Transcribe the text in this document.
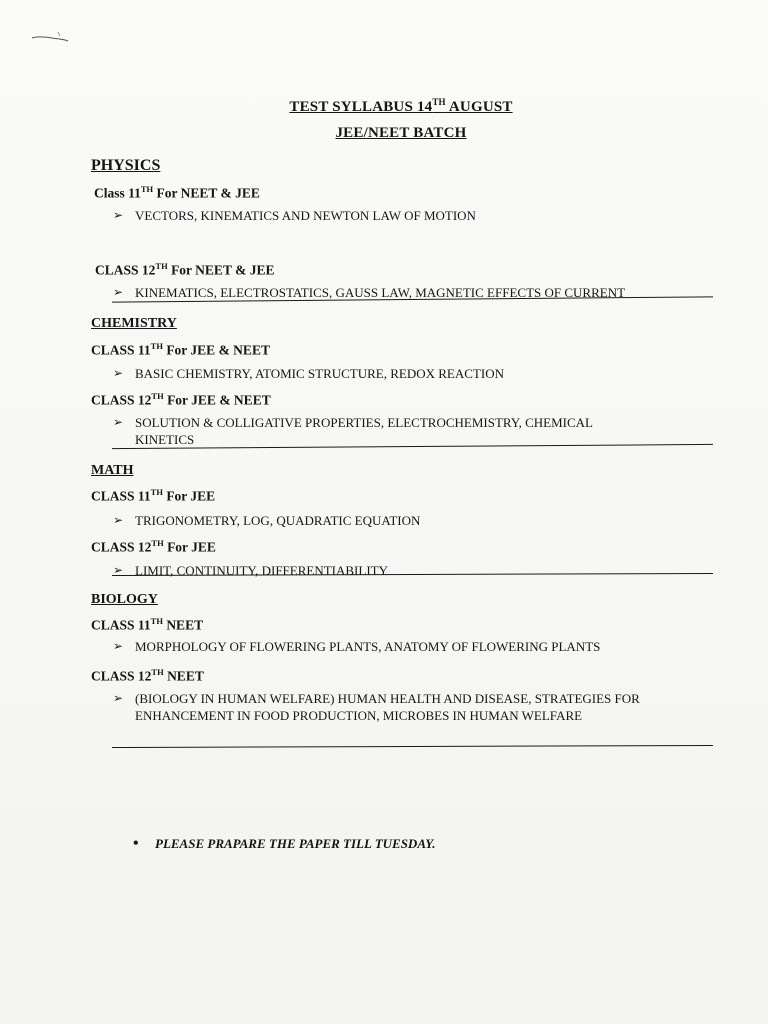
TEST SYLLABUS 14TH AUGUST
JEE/NEET BATCH
PHYSICS
Class 11TH For NEET & JEE
➢ VECTORS, KINEMATICS AND NEWTON LAW OF MOTION
CLASS 12TH For NEET & JEE
➢ KINEMATICS, ELECTROSTATICS, GAUSS LAW, MAGNETIC EFFECTS OF CURRENT
CHEMISTRY
CLASS 11TH For JEE & NEET
➢ BASIC CHEMISTRY, ATOMIC STRUCTURE, REDOX REACTION
CLASS 12TH For JEE & NEET
➢ SOLUTION & COLLIGATIVE PROPERTIES, ELECTROCHEMISTRY, CHEMICAL
KINETICS
MATH
CLASS 11TH For JEE
➢ TRIGONOMETRY, LOG, QUADRATIC EQUATION
CLASS 12TH For JEE
➢ LIMIT, CONTINUITY, DIFFERENTIABILITY
BIOLOGY
CLASS 11TH NEET
➢ MORPHOLOGY OF FLOWERING PLANTS, ANATOMY OF FLOWERING PLANTS
CLASS 12TH NEET
➢ (BIOLOGY IN HUMAN WELFARE) HUMAN HEALTH AND DISEASE, STRATEGIES FOR
ENHANCEMENT IN FOOD PRODUCTION, MICROBES IN HUMAN WELFARE
•	PLEASE PRAPARE THE PAPER TILL TUESDAY.
